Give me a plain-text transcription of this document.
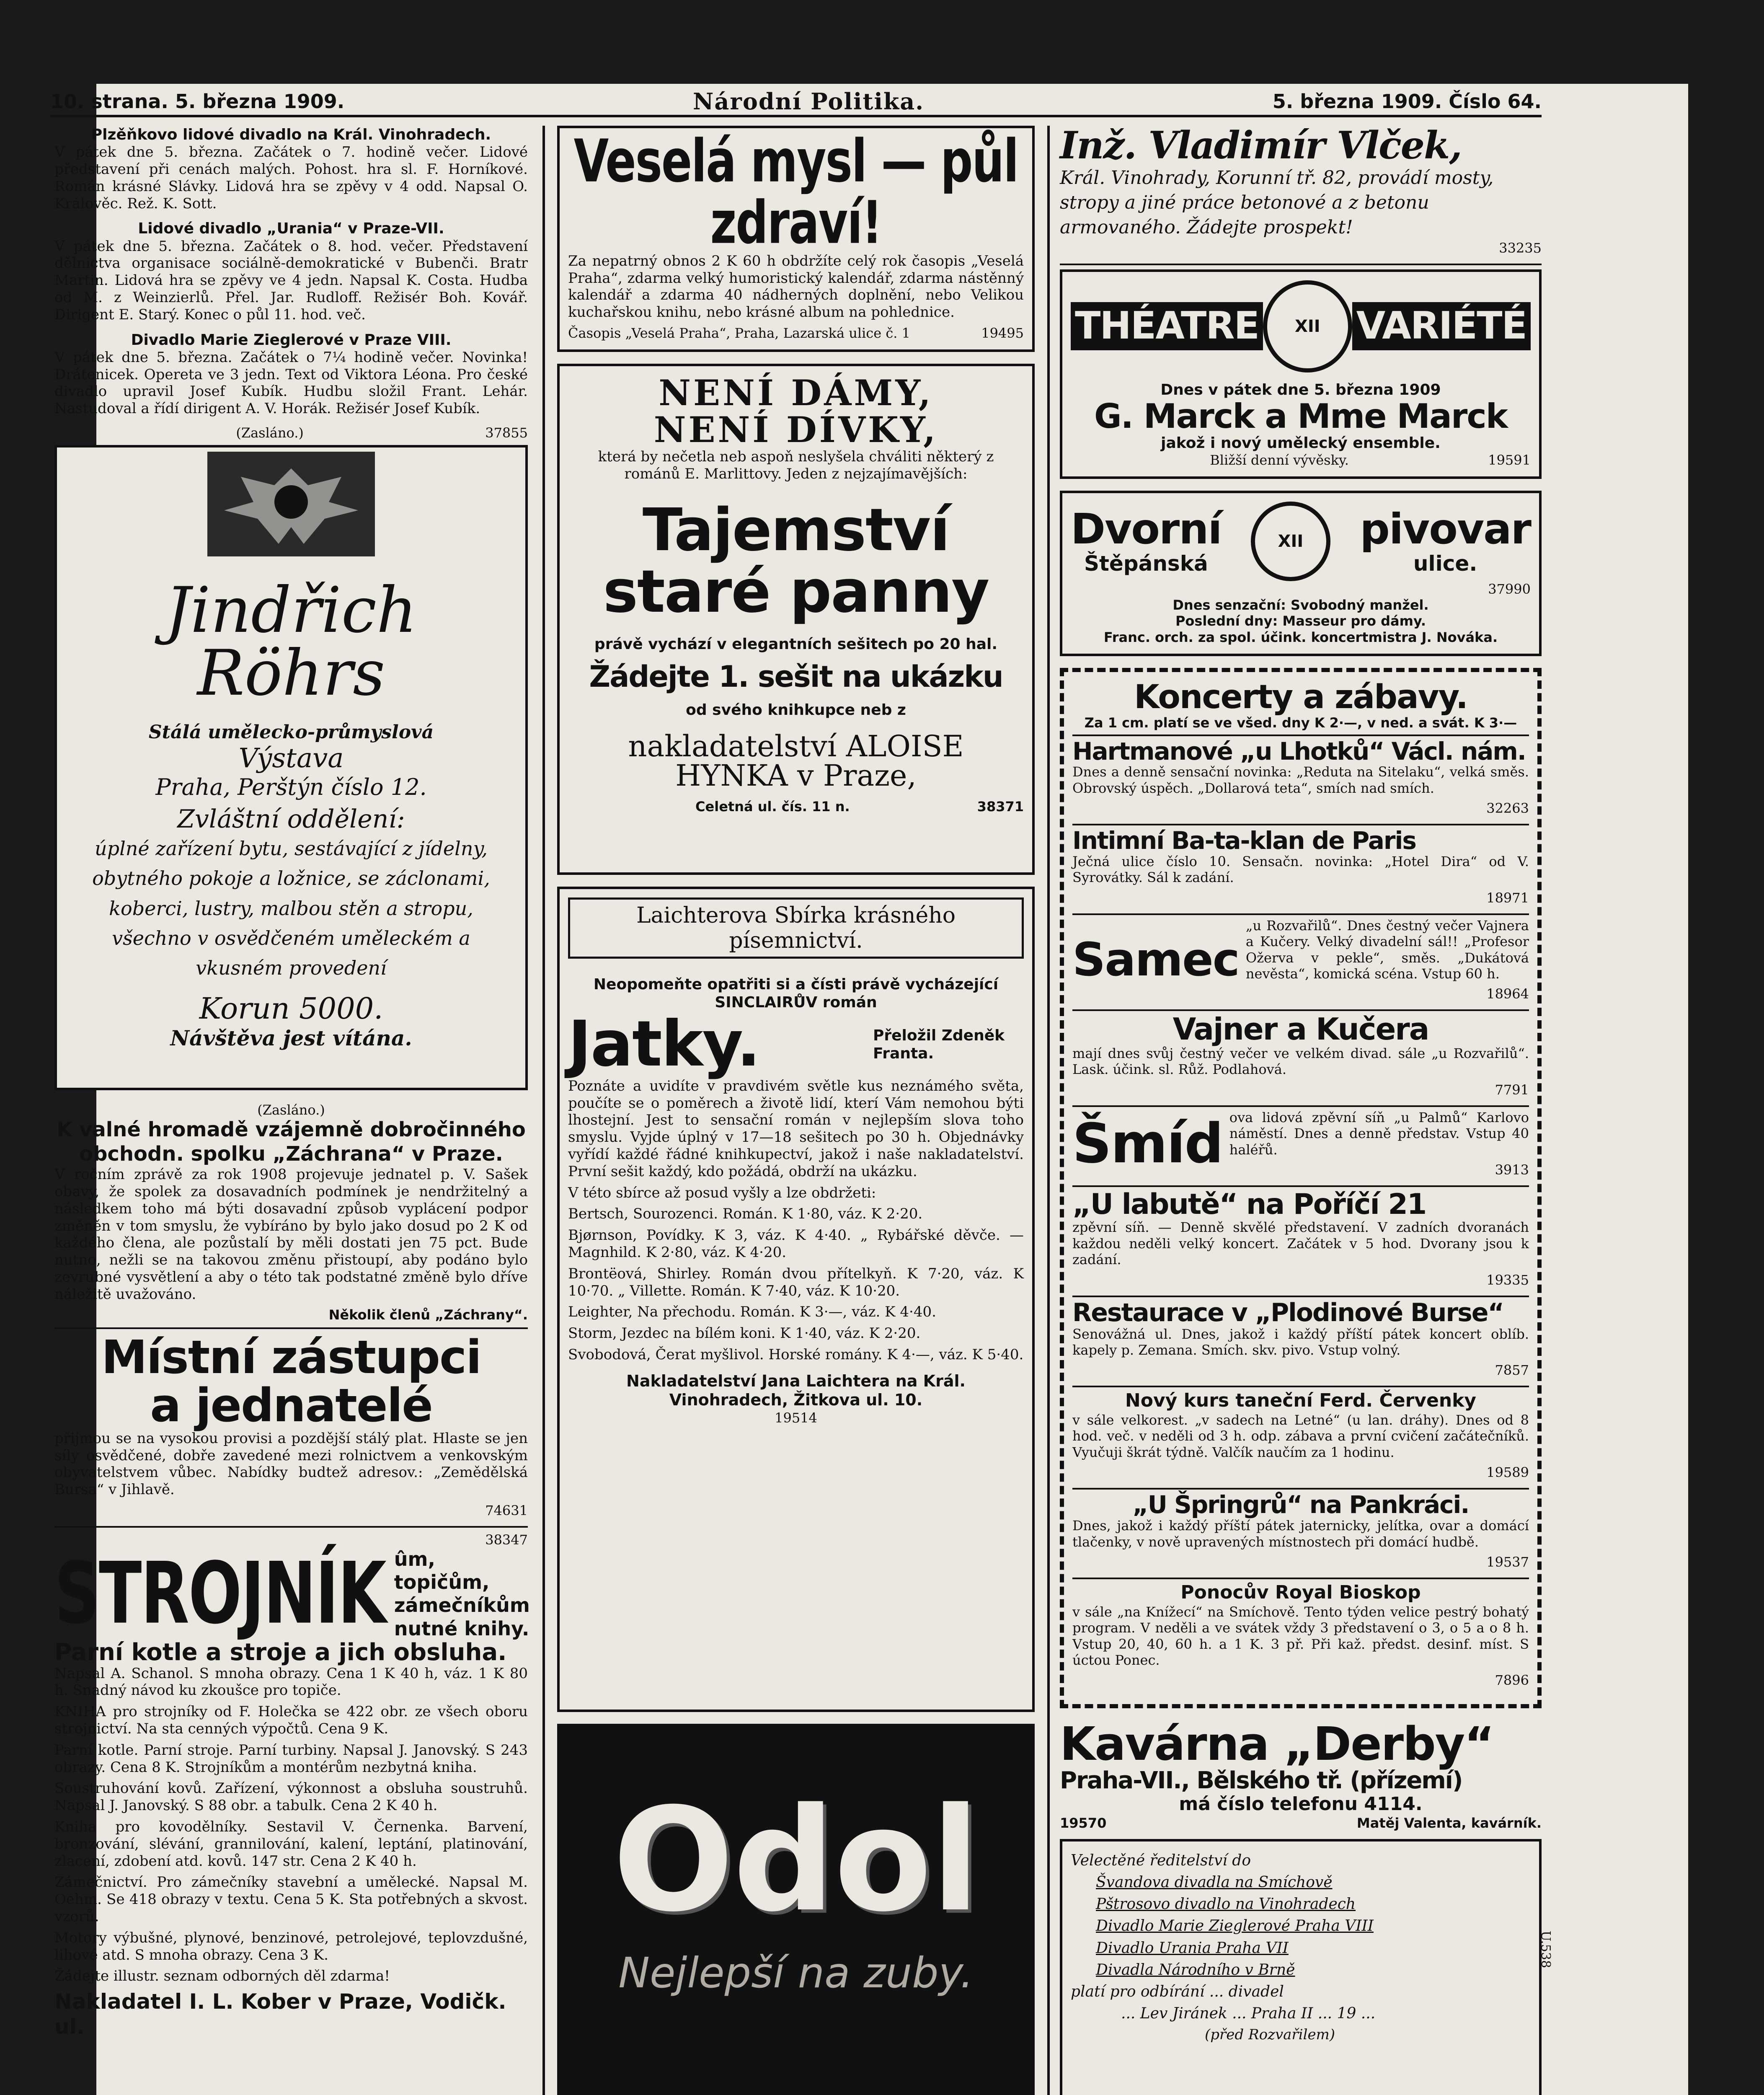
10. strana. 5. března 1909.	Národní Politika.	5. března 1909. Číslo 64.
Plzěňkovo lidové divadlo na Král. Vinohradech.
V pátek dne 5. března. Začátek o 7. hodině večer. Lidové představení při cenách malých. Pohost. hra sl. F. Horníkové. Román krásné Slávky. Lidová hra se zpěvy v 4 odd. Napsal O. Králověc. Rež. K. Sott.
Lidové divadlo „Urania“ v Praze-VII.
V pátek dne 5. března. Začátek o 8. hod. večer. Představení dělnictva organisace sociálně-demokratické v Bubenči. Bratr Martin. Lidová hra se zpěvy ve 4 jedn. Napsal K. Costa. Hudba od M. z Weinzierlů. Přel. Jar. Rudloff. Režisér Boh. Kovář. Dirigent E. Starý. Konec o půl 11. hod. več.
Divadlo Marie Zieglerové v Praze VIII.
V pátek dne 5. března. Začátek o 7¼ hodině večer. Novinka! Drátenicek. Opereta ve 3 jedn. Text od Viktora Léona. Pro české divadlo upravil Josef Kubík. Hudbu složil Frant. Lehár. Nastudoval a řídí dirigent A. V. Horák. Režisér Josef Kubík.
(Zasláno.)	37855
Jindřich
Röhrs
Stálá umělecko-průmyslová
Výstava
Praha, Perštýn číslo 12.
Zvláštní oddělení:
úplné zařízení bytu, sestávající z jídelny, obytného pokoje a ložnice, se záclonami, koberci, lustry, malbou stěn a stropu, všechno v osvědčeném uměleckém a vkusném provedení
Korun 5000.
Návštěva jest vítána.
(Zasláno.)
K valné hromadě vzájemně dobročinného obchodn. spolku „Záchrana“ v Praze.
V ročním zprávě za rok 1908 projevuje jednatel p. V. Sašek obavy, že spolek za dosavadních podmínek je nendržitelný a následkem toho má býti dosavadní způsob vyplácení podpor změněn v tom smyslu, že vybíráno by bylo jako dosud po 2 K od každého člena, ale pozůstalí by měli dostati jen 75 pct. Bude nutno, nežli se na takovou změnu přistoupí, aby podáno bylo zevrubné vysvětlení a aby o této tak podstatné změně bylo dříve náležitě uvažováno.
Několik členů „Záchrany“.
Místní zástupci
a jednatelé
přijmou se na vysokou provisi a pozdější stálý plat. Hlaste se jen síly osvědčené, dobře zavedené mezi rolnictvem a venkovským obyvatelstvem vůbec. Nabídky budtež adresov.: „Zemědělská Bursa“ v Jihlavě.
74631
38347
STROJNÍK ûm, topičům, zámečníkům nutné knihy.
Parní kotle a stroje a jich obsluha.
Napsal A. Schanol. S mnoha obrazy. Cena 1 K 40 h, váz. 1 K 80 h. Snadný návod ku zkoušce pro topiče.
KNIHA pro strojníky od F. Holečka se 422 obr. ze všech oboru strojnictví. Na sta cenných výpočtů. Cena 9 K.
Parní kotle. Parní stroje. Parní turbiny. Napsal J. Janovský. S 243 obrazy. Cena 8 K. Strojníkům a montérům nezbytná kniha.
Soustruhování kovů. Zařízení, výkonnost a obsluha soustruhů. Napsal J. Janovský. S 88 obr. a tabulk. Cena 2 K 40 h.
Kniha pro kovodělníky. Sestavil V. Černenka. Barvení, bronzování, slévání, grannilování, kalení, leptání, platinování, zlacení, zdobení atd. kovů. 147 str. Cena 2 K 40 h.
Zámečnictví. Pro zámečníky stavební a umělecké. Napsal M. Oehm. Se 418 obrazy v textu. Cena 5 K. Sta potřebných a skvost. vzorů.
Motory výbušné, plynové, benzinové, petrolejové, teplovzdušné, lihové atd. S mnoha obrazy. Cena 3 K.
Žádejte illustr. seznam odborných děl zdarma!
Nakladatel I. L. Kober v Praze, Vodičk. ul.
Veselá mysl — půl zdraví!
Za nepatrný obnos 2 K 60 h obdržíte celý rok časopis „Veselá Praha“, zdarma velký humoristický kalendář, zdarma nástěnný kalendář a zdarma 40 nádherných doplnění, nebo Velikou kuchařskou knihu, nebo krásné album na pohlednice.
Časopis „Veselá Praha“, Praha, Lazarská ulice č. 1	19495
NENÍ DÁMY,
NENÍ DÍVKY,
která by nečetla neb aspoň neslyšela chváliti některý z románů E. Marlittovy. Jeden z nejzajímavějších:
Tajemství
staré panny
právě vychází v elegantních sešitech po 20 hal.
Žádejte 1. sešit na ukázku
od svého knihkupce neb z
nakladatelství ALOISE HYNKA v Praze,
Celetná ul. čís. 11 n.	38371
Laichterova Sbírka krásného písemnictví.
Neopomeňte opatřiti si a čísti právě vycházející SINCLAIRŮV román
Jatky.	Přeložil Zdeněk Franta.
Poznáte a uvidíte v pravdivém světle kus neznámého světa, poučíte se o poměrech a životě lidí, kterí Vám nemohou býti lhostejní. Jest to sensační román v nejlepším slova toho smyslu. Vyjde úplný v 17—18 sešitech po 30 h. Objednávky vyřídí každé řádné knihkupectví, jakož i naše nakladatelství. První sešit každý, kdo požádá, obdrží na ukázku.
V této sbírce až posud vyšly a lze obdržeti:
Bertsch, Sourozenci. Román. K 1·80, váz. K 2·20.
Bjørnson, Povídky. K 3, váz. K 4·40. „ Rybářské děvče. — Magnhild. K 2·80, váz. K 4·20.
Brontëová, Shirley. Román dvou přítelkyň. K 7·20, váz. K 10·70. „ Villette. Román. K 7·40, váz. K 10·20.
Leighter, Na přechodu. Román. K 3·—, váz. K 4·40.
Storm, Jezdec na bílém koni. K 1·40, váz. K 2·20.
Svobodová, Čerat myšlivol. Horské romány. K 4·—, váz. K 5·40.
Nakladatelství Jana Laichtera na Král. Vinohradech, Žitkova ul. 10.
19514
Odol
Nejlepší na zuby.
Inž. Vladimír Vlček,
Král. Vinohrady, Korunní tř. 82, provádí mosty, stropy a jiné práce betonové a z betonu armovaného. Žádejte prospekt!
33235
THÉATRE	XII VARIÉTÉ
Dnes v pátek dne 5. března 1909
G. Marck a Mme Marck
jakož i nový umělecký ensemble.
Bližší denní vývěsky.	19591
Dvorní
Štěpánská
XII	pivovar
ulice.
37990
Dnes senzační: Svobodný manžel.
Poslední dny: Masseur pro dámy.
Franc. orch. za spol. účink. koncertmistra J. Nováka.
Koncerty a zábavy.
Za 1 cm. platí se ve všed. dny K 2·—, v ned. a svát. K 3·—
Hartmanové „u Lhotků“ Václ. nám.
Dnes a denně sensační novinka: „Reduta na Sitelaku“, velká směs. Obrovský úspěch. „Dollarová teta“, smích nad smích.
32263
Intimní Ba-ta-klan de Paris
Ječná ulice číslo 10. Sensačn. novinka: „Hotel Dira“ od V. Syrovátky. Sál k zadání.
18971
Samec
„u Rozvařilů“. Dnes čestný večer Vajnera a Kučery. Velký divadelní sál!! „Profesor Ožerva v pekle“, směs. „Dukátová nevěsta“, komická scéna. Vstup 60 h.
18964
Vajner a Kučera
mají dnes svůj čestný večer ve velkém divad. sále „u Rozvařilů“. Lask. účink. sl. Růž. Podlahová.
7791
Šmíd ova lidová zpěvní síň „u Palmů“ Karlovo náměstí. Dnes a denně představ. Vstup 40 haléřů.
3913
„U labutě“ na Poříčí 21
zpěvní síň. — Denně skvělé představení. V zadních dvoranách každou neděli velký koncert. Začátek v 5 hod. Dvorany jsou k zadání.
19335
Restaurace v „Plodinové Burse“
Senovážná ul. Dnes, jakož i každý příští pátek koncert oblíb. kapely p. Zemana. Smích. skv. pivo. Vstup volný.
7857
Nový kurs taneční Ferd. Červenky
v sále velkorest. „v sadech na Letné“ (u lan. dráhy). Dnes od 8 hod. več. v neděli od 3 h. odp. zábava a první cvičení začátečníků. Vyučuji škrát týdně. Valčík naučím za 1 hodinu.
19589
„U Špringrů“ na Pankráci.
Dnes, jakož i každý příští pátek jaternicky, jelítka, ovar a domácí tlačenky, v nově upravených místnostech při domácí hudbě.
19537
Ponocův Royal Bioskop
v sále „na Knížecí“ na Smíchově. Tento týden velice pestrý bohatý program. V neděli a ve svátek vždy 3 představení o 3, o 5 a o 8 h. Vstup 20, 40, 60 h. a 1 K. 3 př. Při kaž. předst. desinf. míst. S úctou Ponec.
7896
Kavárna „Derby“
Praha-VII., Bělského tř. (přízemí)
má číslo telefonu 4114.
19570	Matěj Valenta, kavárník.
Velectěné ředitelství do
Švandova divadla na Smíchově
Pštrosovo divadlo na Vinohradech
Divadlo Marie Zieglerové Praha VIII
Divadlo Urania Praha VII
Divadla Národního v Brně
platí pro odbírání ... divadel
... Lev Jiránek ... Praha II ... 19 ...
(před Rozvařilem)
U.538
